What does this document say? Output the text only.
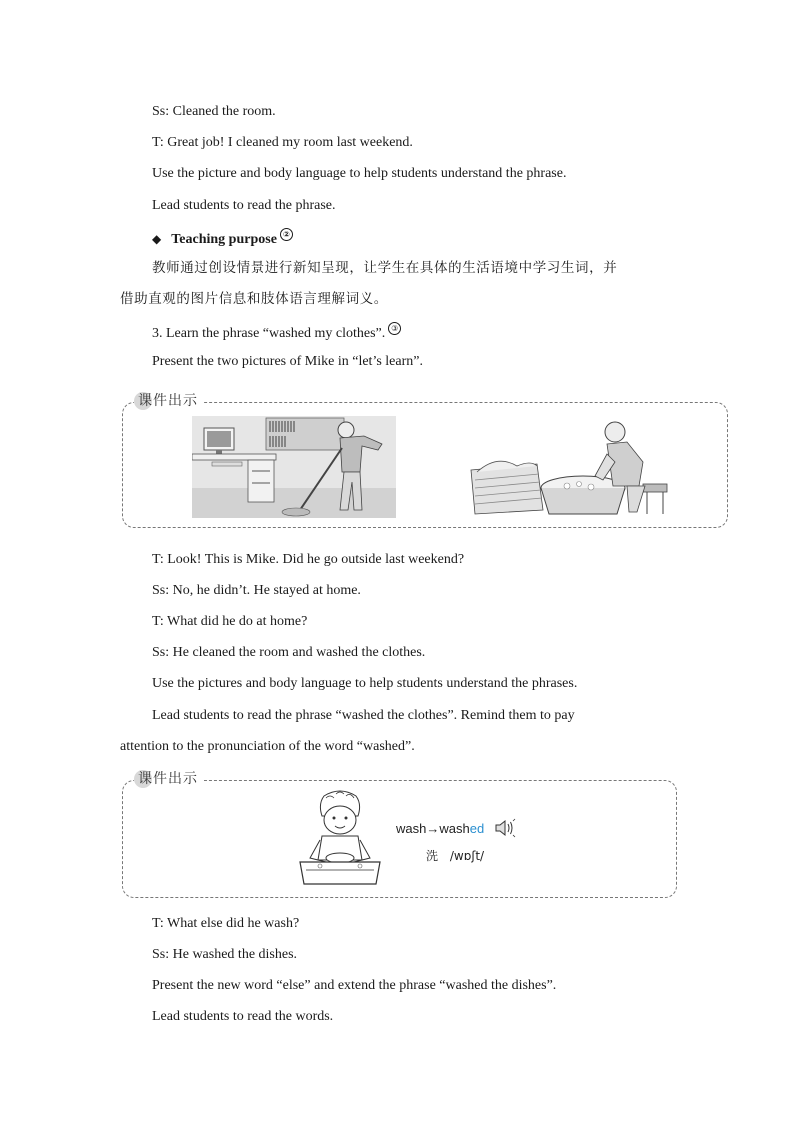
Ss: Cleaned the room.
T: Great job! I cleaned my room last weekend.
Use the picture and body language to help students understand the phrase.
Lead students to read the phrase.
◆ Teaching purpose ②
教师通过创设情景进行新知呈现，让学生在具体的生活语境中学习生词，并
借助直观的图片信息和肢体语言理解词义。
3. Learn the phrase “washed my clothes”. ③
Present the two pictures of Mike in “let’s learn”.
课件出示
T: Look! This is Mike. Did he go outside last weekend?
Ss: No, he didn’t. He stayed at home.
T: What did he do at home?
Ss: He cleaned the room and washed the clothes.
Use the pictures and body language to help students understand the phrases.
Lead students to read the phrase “washed the clothes”. Remind them to pay
attention to the pronunciation of the word “washed”.
课件出示
wash→washed
洗 /wɒʃt/
T: What else did he wash?
Ss: He washed the dishes.
Present the new word “else” and extend the phrase “washed the dishes”.
Lead students to read the words.
